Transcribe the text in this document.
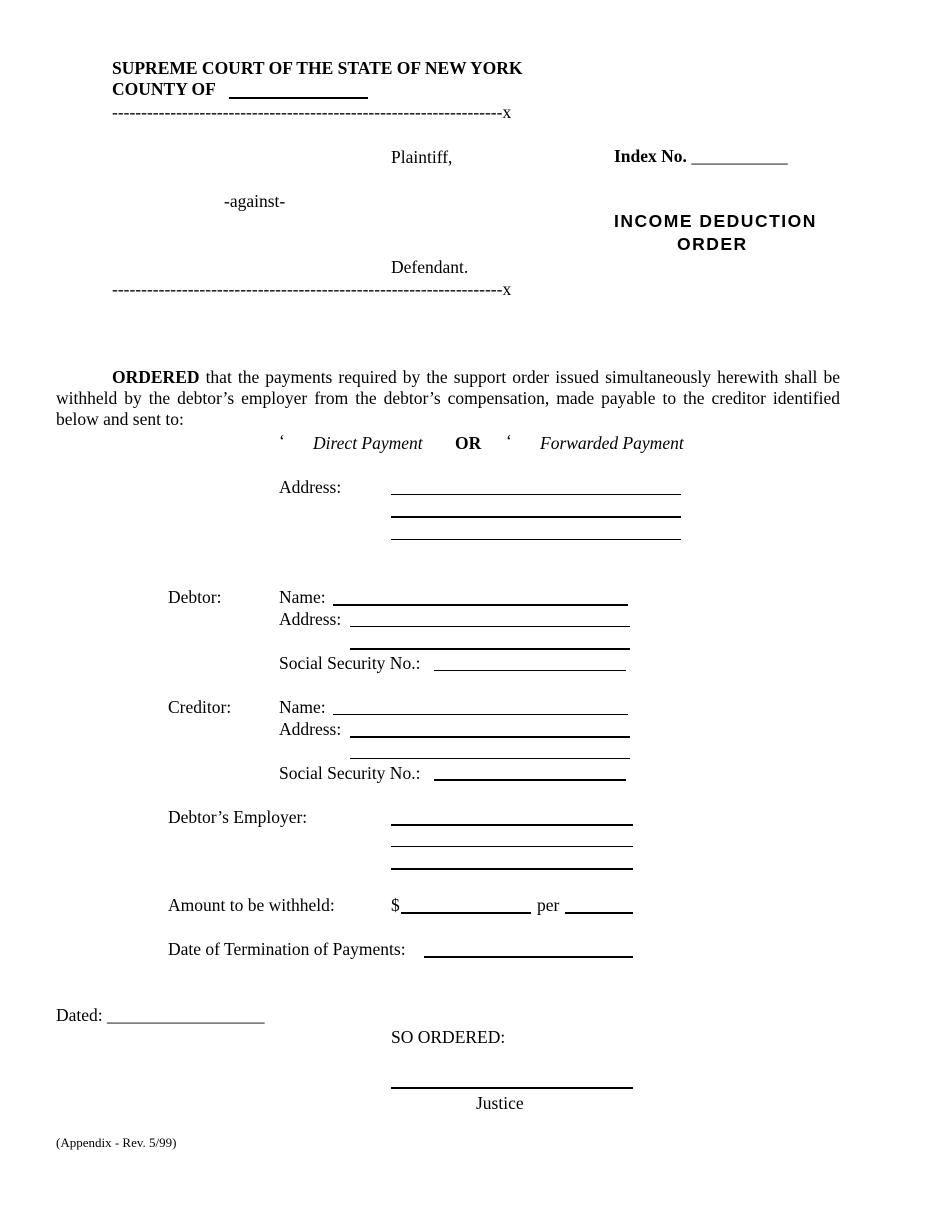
SUPREME COURT OF THE STATE OF NEW YORK
COUNTY OF
-------------------------------------------------------------------x
Plaintiff,
-against-
Defendant.
-------------------------------------------------------------------x
Index No. ___________
INCOME DEDUCTION
ORDER
ORDERED that the payments required by the support order issued simultaneously herewith shall be withheld by the debtor’s employer from the debtor’s compensation, made payable to the creditor identified below and sent to:
‘ Direct Payment OR ‘ Forwarded Payment
Address:
Debtor:	Name:
Address:
Social Security No.:
Creditor:	Name:
Address:
Social Security No.:
Debtor’s Employer:
Amount to be withheld:	$	per
Date of Termination of Payments:
Dated: __________________
SO ORDERED:
Justice
(Appendix - Rev. 5/99)
